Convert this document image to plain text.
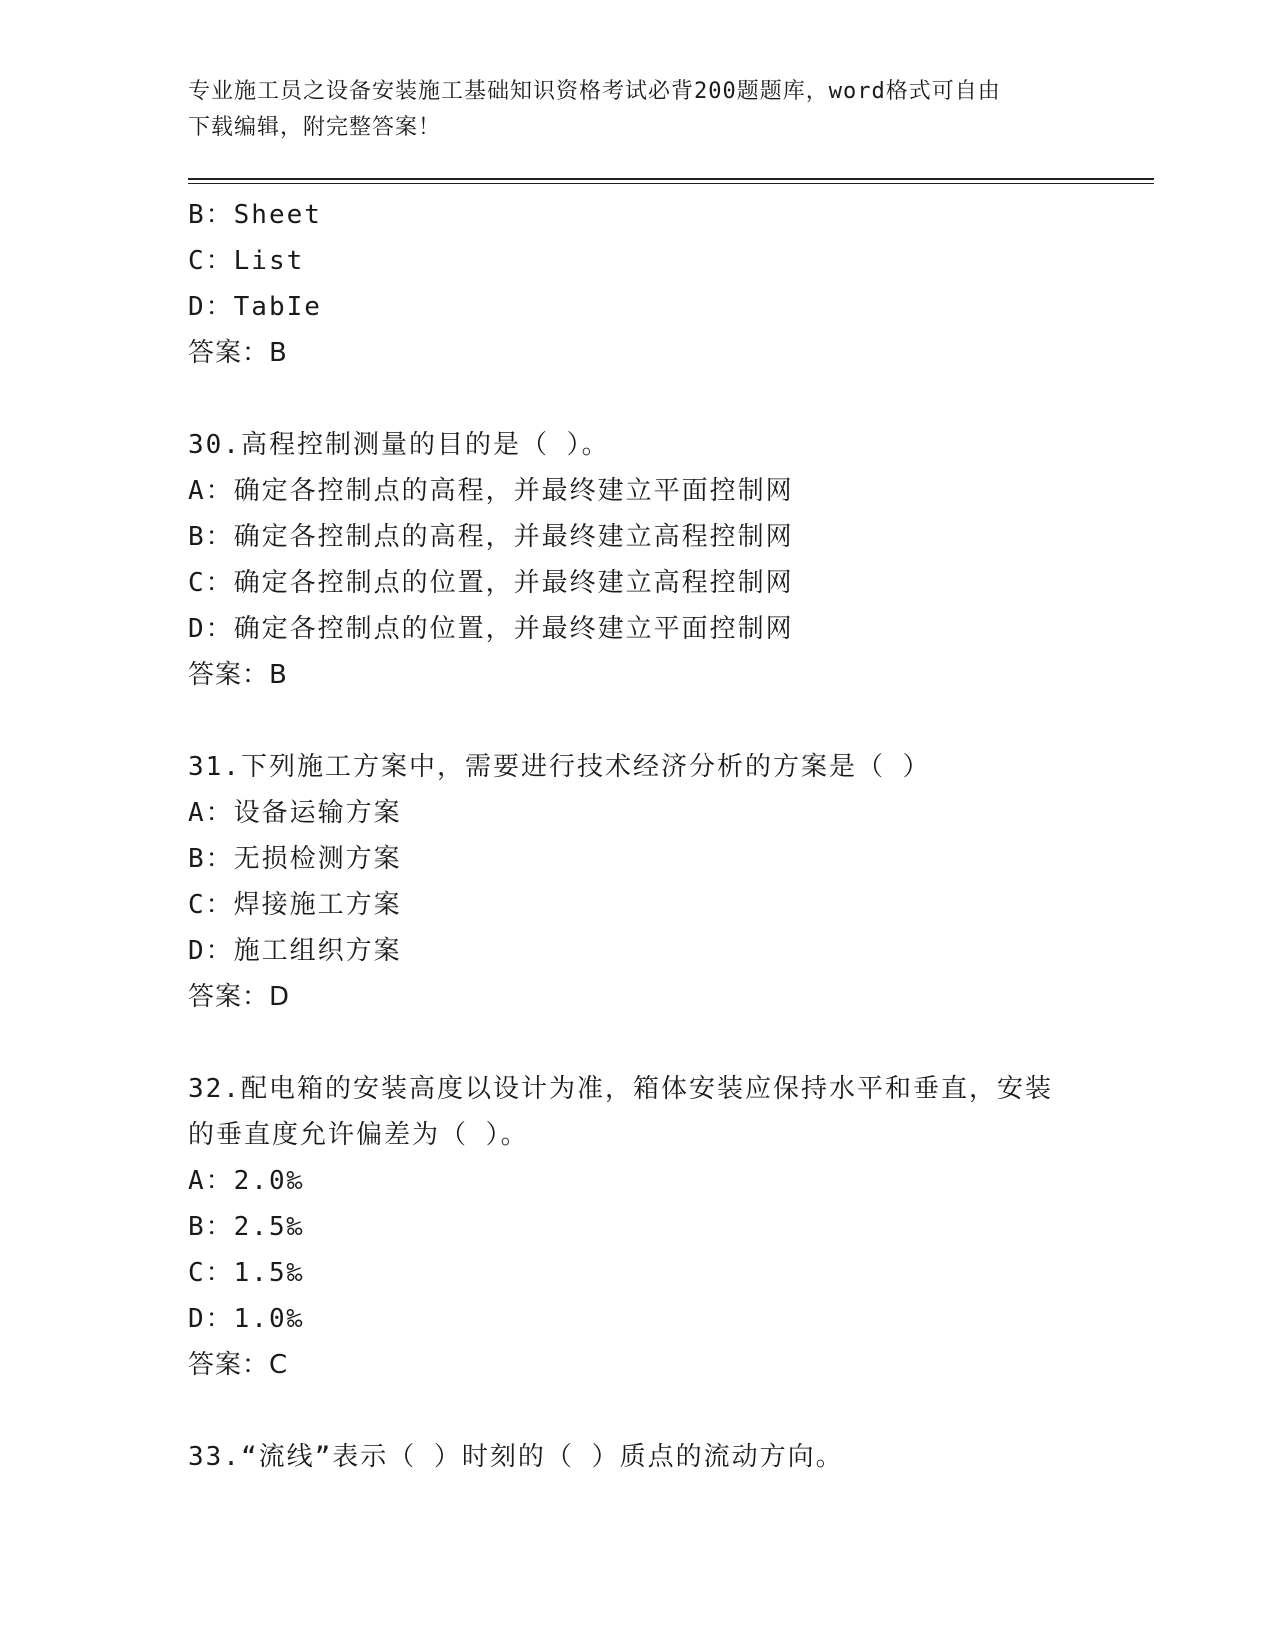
专业施工员之设备安装施工基础知识资格考试必背200题题库，word格式可自由
下载编辑，附完整答案！
B：Sheet
C：List
D：TabIe
答案：B
30.高程控制测量的目的是（ ）。
A：确定各控制点的高程，并最终建立平面控制网
B：确定各控制点的高程，并最终建立高程控制网
C：确定各控制点的位置，并最终建立高程控制网
D：确定各控制点的位置，并最终建立平面控制网
答案：B
31.下列施工方案中，需要进行技术经济分析的方案是（ ）
A：设备运输方案
B：无损检测方案
C：焊接施工方案
D：施工组织方案
答案：D
32.配电箱的安装高度以设计为准，箱体安装应保持水平和垂直，安装
的垂直度允许偏差为（ ）。
A：2.0‰
B：2.5‰
C：1.5‰
D：1.0‰
答案：C
33.“流线”表示（ ）时刻的（ ）质点的流动方向。
